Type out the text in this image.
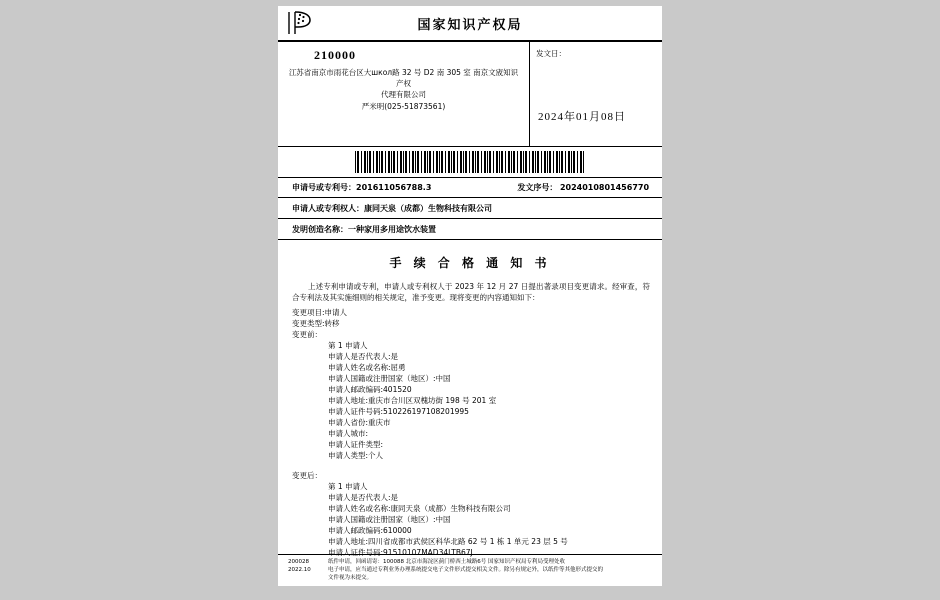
国家知识产权局
210000
江苏省南京市雨花台区大школ路 32 号 D2 南 305 室 南京文宬知识产权
代理有限公司
严米明(025-51873561)
发文日：
2024年01月08日
申请号或专利号： 201611056788.3	发文序号： 2024010801456770
申请人或专利权人： 康同天泉（成都）生物科技有限公司
发明创造名称： 一种家用多用途饮水装置
手 续 合 格 通 知 书
上述专利申请或专利，申请人或专利权人于 2023 年 12 月 27 日提出著录项目变更请求。经审查，符合专利法及其实施细则的相关规定，准予变更。现将变更的内容通知如下：
变更项目:申请人
变更类型:转移
变更前：
第 1 申请人
申请人是否代表人:是
申请人姓名或名称:屈勇
申请人国籍或注册国家（地区）:中国
申请人邮政编码:401520
申请人地址:重庆市合川区双槐坊街 198 号 201 室
申请人证件号码:510226197108201995
申请人省份:重庆市
申请人城市:
申请人证件类型:
申请人类型:个人
变更后：
第 1 申请人
申请人是否代表人:是
申请人姓名或名称:康同天泉（成都）生物科技有限公司
申请人国籍或注册国家（地区）:中国
申请人邮政编码:610000
申请人地址:四川省成都市武侯区科华北路 62 号 1 栋 1 单元 23 层 5 号
申请人证件号码:91510107MAD34LTB67J
200028
2022.10
纸件申请，回函请寄：100088 北京市海淀区蓟门桥西土城路6号 国家知识产权局专利局受理处收
电子申请，应当通过专利业务办理系统提交电子文件形式提交相关文件。除另有规定外，以纸件等其他形式提交的
文件视为未提交。
